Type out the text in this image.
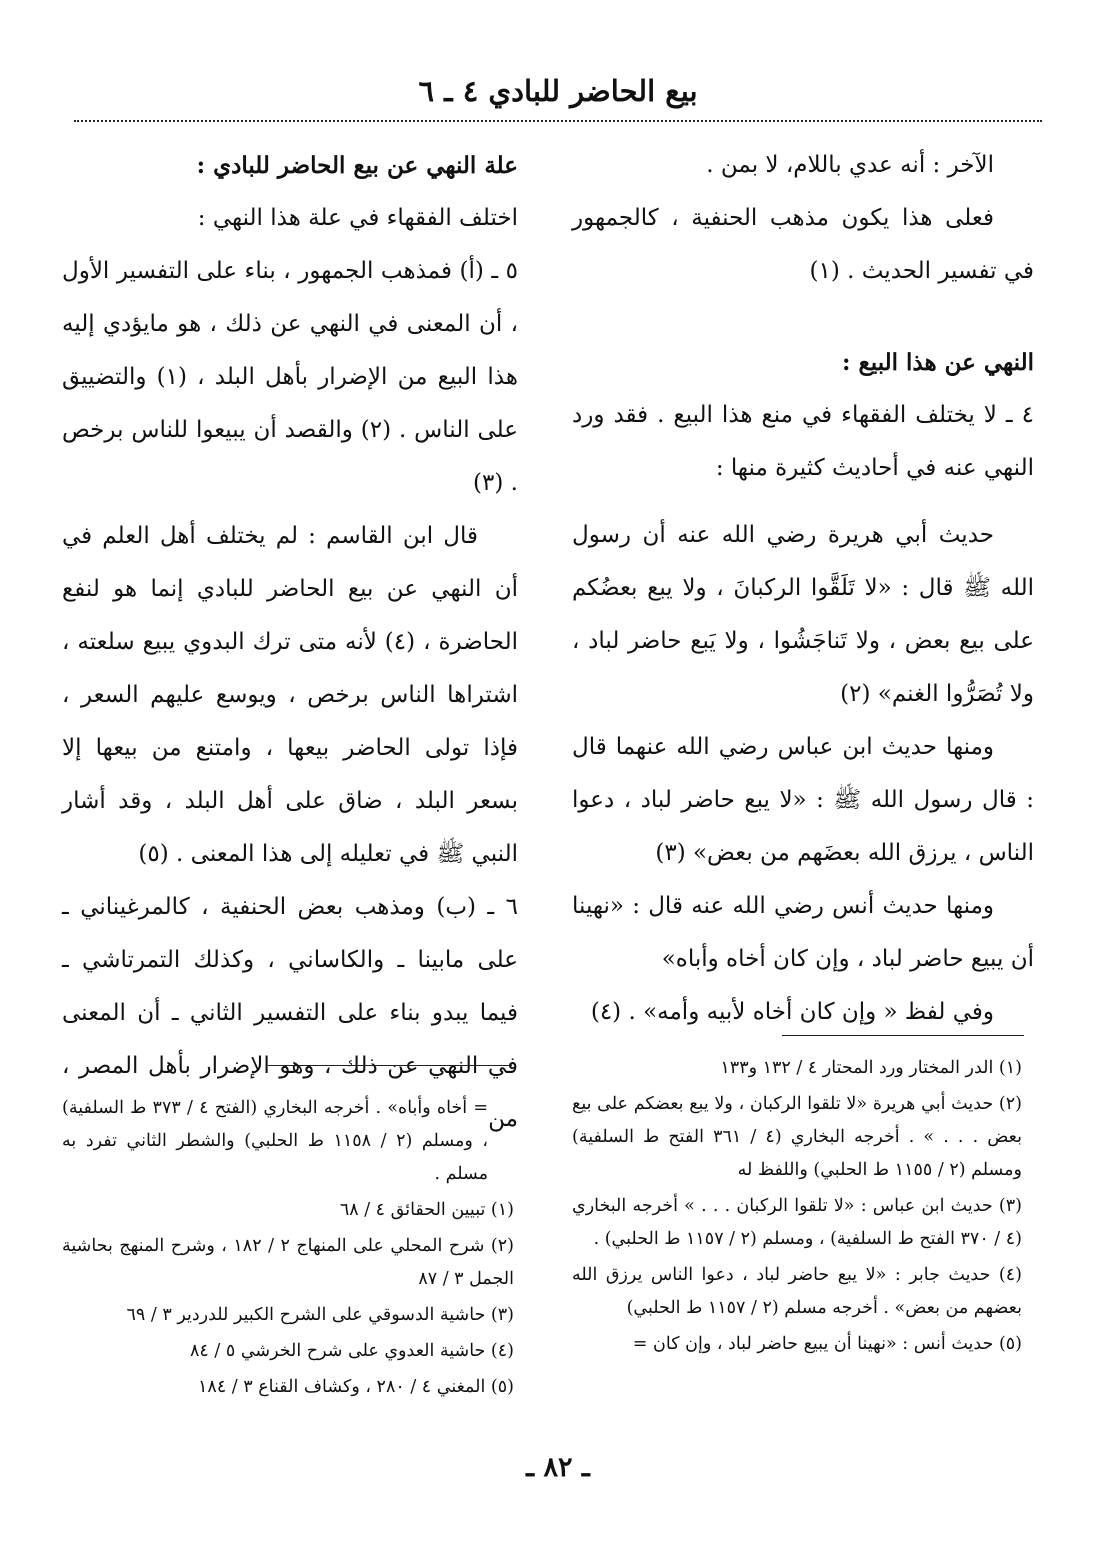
بيع الحاضر للبادي ٤ ـ ٦

الآخر : أنه عدي باللام، لا بمن .

فعلى هذا يكون مذهب الحنفية ، كالجمهور في تفسير الحديث . (١)

النهي عن هذا البيع :

٤ ـ لا يختلف الفقهاء في منع هذا البيع . فقد ورد النهي عنه في أحاديث كثيرة منها :

حديث أبي هريرة رضي الله عنه أن رسول الله ﷺ قال : «لا تَلَقَّوا الركبانَ ، ولا يبع بعضُكم على بيع بعض ، ولا تَناجَشُوا ، ولا يَبع حاضر لباد ، ولا تُصَرُّوا الغنم» (٢)

ومنها حديث ابن عباس رضي الله عنهما قال : قال رسول الله ﷺ : «لا يبع حاضر لباد ، دعوا الناس ، يرزق الله بعضَهم من بعض» (٣)

ومنها حديث أنس رضي الله عنه قال : «نهينا أن يبيع حاضر لباد ، وإن كان أخاه وأباه»

وفي لفظ « وإن كان أخاه لأبيه وأمه» . (٤)

علة النهي عن بيع الحاضر للبادي :

اختلف الفقهاء في علة هذا النهي :

٥ ـ (أ) فمذهب الجمهور ، بناء على التفسير الأول ، أن المعنى في النهي عن ذلك ، هو مايؤدي إليه هذا البيع من الإضرار بأهل البلد ، (١) والتضييق على الناس . (٢) والقصد أن يبيعوا للناس برخص . (٣)

قال ابن القاسم : لم يختلف أهل العلم في أن النهي عن بيع الحاضر للبادي إنما هو لنفع الحاضرة ، (٤) لأنه متى ترك البدوي يبيع سلعته ، اشتراها الناس برخص ، ويوسع عليهم السعر ، فإذا تولى الحاضر بيعها ، وامتنع من بيعها إلا بسعر البلد ، ضاق على أهل البلد ، وقد أشار النبي ﷺ في تعليله إلى هذا المعنى . (٥)

٦ ـ (ب) ومذهب بعض الحنفية ، كالمرغيناني ـ على مابينا ـ والكاساني ، وكذلك التمرتاشي ـ فيما يبدو بناء على التفسير الثاني ـ أن المعنى في النهي عن ذلك ، وهو الإضرار بأهل المصر ، من

(١) الدر المختار ورد المحتار ٤ / ١٣٢ و١٣٣

(٢) حديث أبي هريرة «لا تلقوا الركبان ، ولا يبع بعضكم على بيع بعض . . . » . أخرجه البخاري (٤ / ٣٦١ الفتح ط السلفية) ومسلم (٢ / ١١٥٥ ط الحلبي) واللفظ له

(٣) حديث ابن عباس : «لا تلقوا الركبان . . . » أخرجه البخاري (٤ / ٣٧٠ الفتح ط السلفية) ، ومسلم (٢ / ١١٥٧ ط الحلبي) .

(٤) حديث جابر : «لا يبع حاضر لباد ، دعوا الناس يرزق الله بعضهم من بعض» . أخرجه مسلم (٢ / ١١٥٧ ط الحلبي)

(٥) حديث أنس : «نهينا أن يبيع حاضر لباد ، وإن كان =

= أخاه وأباه» . أخرجه البخاري (الفتح ٤ / ٣٧٣ ط السلفية) ، ومسلم (٢ / ١١٥٨ ط الحلبي) والشطر الثاني تفرد به مسلم .

(١) تبيين الحقائق ٤ / ٦٨

(٢) شرح المحلي على المنهاج ٢ / ١٨٢ ، وشرح المنهج بحاشية الجمل ٣ / ٨٧

(٣) حاشية الدسوقي على الشرح الكبير للدردير ٣ / ٦٩

(٤) حاشية العدوي على شرح الخرشي ٥ / ٨٤

(٥) المغني ٤ / ٢٨٠ ، وكشاف القناع ٣ / ١٨٤

ـ ٨٢ ـ
